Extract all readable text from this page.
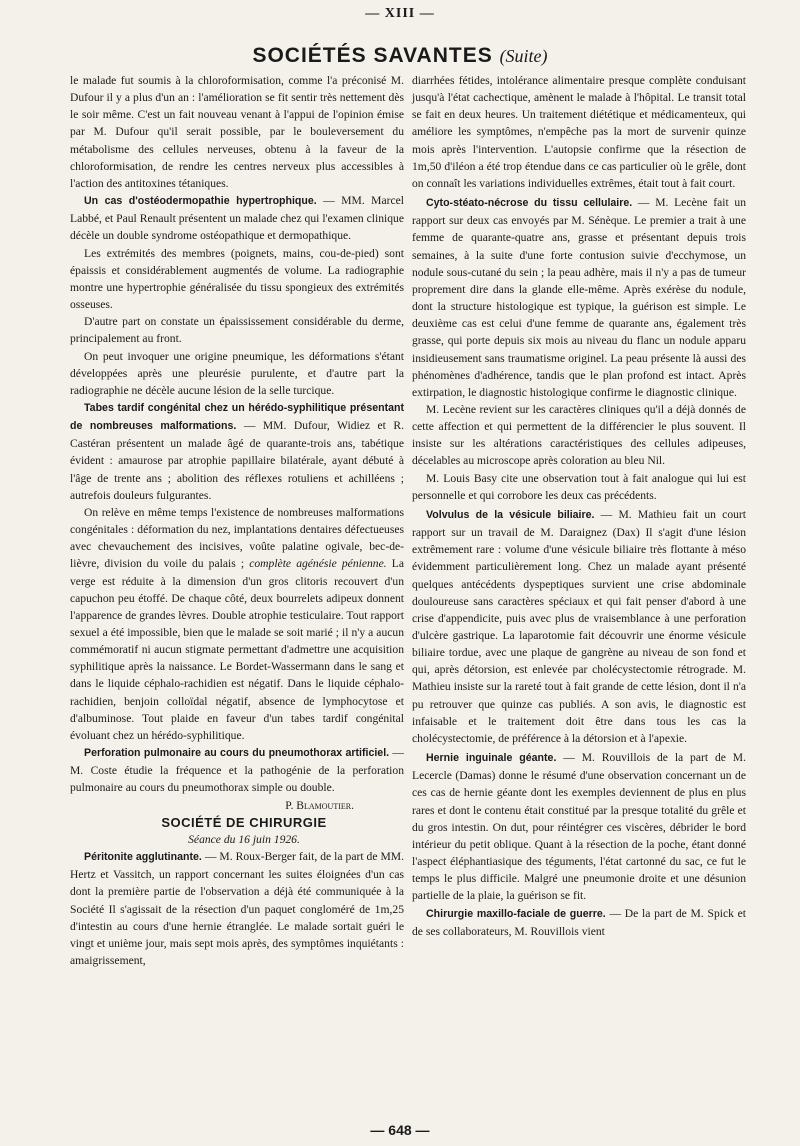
— XIII —
SOCIÉTÉS SAVANTES (Suite)

le malade fut soumis à la chloroformisation, comme l'a préconisé M. Dufour il y a plus d'un an : l'amélioration se fit sentir très nettement dès le soir même. C'est un fait nouveau venant à l'appui de l'opinion émise par M. Dufour qu'il serait possible, par le bouleversement du métabolisme des cellules nerveuses, obtenu à la faveur de la chloroformisation, de rendre les centres nerveux plus accessibles à l'action des antitoxines tétaniques.

Un cas d'ostéodermopathie hypertrophique. — MM. Marcel Labbé, et Paul Renault présentent un malade chez qui l'examen clinique décèle un double syndrome ostéopathique et dermopathique.

Les extrémités des membres (poignets, mains, cou-de-pied) sont épaissis et considérablement augmentés de volume. La radiographie montre une hypertrophie généralisée du tissu spongieux des extrémités osseuses.

D'autre part on constate un épaississement considérable du derme, principalement au front.

On peut invoquer une origine pneumique, les déformations s'étant développées après une pleurésie purulente, et d'autre part la radiographie ne décèle aucune lésion de la selle turcique.

Tabes tardif congénital chez un hérédo-syphilitique présentant de nombreuses malformations. — MM. Dufour, Widiez et R. Castéran présentent un malade âgé de quarante-trois ans, tabétique évident : amaurose par atrophie papillaire bilatérale, ayant débuté à l'âge de trente ans ; abolition des réflexes rotuliens et achilléens ; autrefois douleurs fulgurantes.

On relève en même temps l'existence de nombreuses malformations congénitales : déformation du nez, implantations dentaires défectueuses avec chevauchement des incisives, voûte palatine ogivale, bec-de-lièvre, division du voile du palais ; complète agénésie pénienne. La verge est réduite à la dimension d'un gros clitoris recouvert d'un capuchon peu étoffé. De chaque côté, deux bourrelets adipeux donnent l'apparence de grandes lèvres. Double atrophie testiculaire. Tout rapport sexuel a été impossible, bien que le malade se soit marié ; il n'y a aucun commémoratif ni aucun stigmate permettant d'admettre une acquisition syphilitique après la naissance. Le Bordet-Wassermann dans le sang et dans le liquide céphalo-rachidien est négatif. Dans le liquide céphalo-rachidien, benjoin colloïdal négatif, absence de lymphocytose et d'albuminose. Tout plaide en faveur d'un tabes tardif congénital évoluant chez un hérédo-syphilitique.

Perforation pulmonaire au cours du pneumothorax artificiel. — M. Coste étudie la fréquence et la pathogénie de la perforation pulmonaire au cours du pneumothorax simple ou double.

P. Blamoutier.

SOCIÉTÉ DE CHIRURGIE

Séance du 16 juin 1926.

Péritonite agglutinante. — M. Roux-Berger fait, de la part de MM. Hertz et Vassitch, un rapport concernant les suites éloignées d'un cas dont la première partie de l'observation a déjà été communiquée à la Société Il s'agissait de la résection d'un paquet congloméré de 1m,25 d'intestin au cours d'une hernie étranglée. Le malade sortait guéri le vingt et unième jour, mais sept mois après, des symptômes inquiétants : amaigrissement,

diarrhées fétides, intolérance alimentaire presque complète conduisant jusqu'à l'état cachectique, amènent le malade à l'hôpital. Le transit total se fait en deux heures. Un traitement diététique et médicamenteux, qui améliore les symptômes, n'empêche pas la mort de survenir quinze mois après l'intervention. L'autopsie confirme que la résection de 1m,50 d'iléon a été trop étendue dans ce cas particulier où le grêle, dont on connaît les variations individuelles extrêmes, était tout à fait court.

Cyto-stéato-nécrose du tissu cellulaire. — M. Lecène fait un rapport sur deux cas envoyés par M. Sénèque. Le premier a trait à une femme de quarante-quatre ans, grasse et présentant depuis trois semaines, à la suite d'une forte contusion suivie d'ecchymose, un nodule sous-cutané du sein ; la peau adhère, mais il n'y a pas de tumeur proprement dire dans la glande elle-même. Après exérèse du nodule, dont la structure histologique est typique, la guérison est simple. Le deuxième cas est celui d'une femme de quarante ans, également très grasse, qui porte depuis six mois au niveau du flanc un nodule apparu insidieusement sans traumatisme originel. La peau présente là aussi des phénomènes d'adhérence, tandis que le plan profond est intact. Après extirpation, le diagnostic histologique confirme le diagnostic clinique.

M. Lecène revient sur les caractères cliniques qu'il a déjà donnés de cette affection et qui permettent de la différencier le plus souvent. Il insiste sur les altérations caractéristiques des cellules adipeuses, décelables au microscope après coloration au bleu Nil.

M. Louis Basy cite une observation tout à fait analogue qui lui est personnelle et qui corrobore les deux cas précédents.

Volvulus de la vésicule biliaire. — M. Mathieu fait un court rapport sur un travail de M. Daraignez (Dax) Il s'agit d'une lésion extrêmement rare : volume d'une vésicule biliaire très flottante à méso évidemment particulièrement long. Chez un malade ayant présenté quelques antécédents dyspeptiques survient une crise abdominale douloureuse sans caractères spéciaux et qui fait penser d'abord à une crise d'appendicite, puis avec plus de vraisemblance à une perforation d'ulcère gastrique. La laparotomie fait découvrir une énorme vésicule biliaire tordue, avec une plaque de gangrène au niveau de son fond et qui, après détorsion, est enlevée par cholécystectomie rétrograde. M. Mathieu insiste sur la rareté tout à fait grande de cette lésion, dont il n'a pu retrouver que quinze cas publiés. A son avis, le diagnostic est infaisable et le traitement doit être dans tous les cas la cholécystectomie, de préférence à la détorsion et à l'apexie.

Hernie inguinale géante. — M. Rouvillois de la part de M. Lecercle (Damas) donne le résumé d'une observation concernant un de ces cas de hernie géante dont les exemples deviennent de plus en plus rares et dont le contenu était constitué par la presque totalité du grêle et du gros intestin. On dut, pour réintégrer ces viscères, débrider le bord intérieur du petit oblique. Quant à la résection de la poche, étant donné l'aspect éléphantiasique des téguments, l'état cartonné du sac, ce fut le temps le plus difficile. Malgré une pneumonie droite et une désunion partielle de la plaie, la guérison se fit.

Chirurgie maxillo-faciale de guerre. — De la part de M. Spick et de ses collaborateurs, M. Rouvillois vient

— 648 —
